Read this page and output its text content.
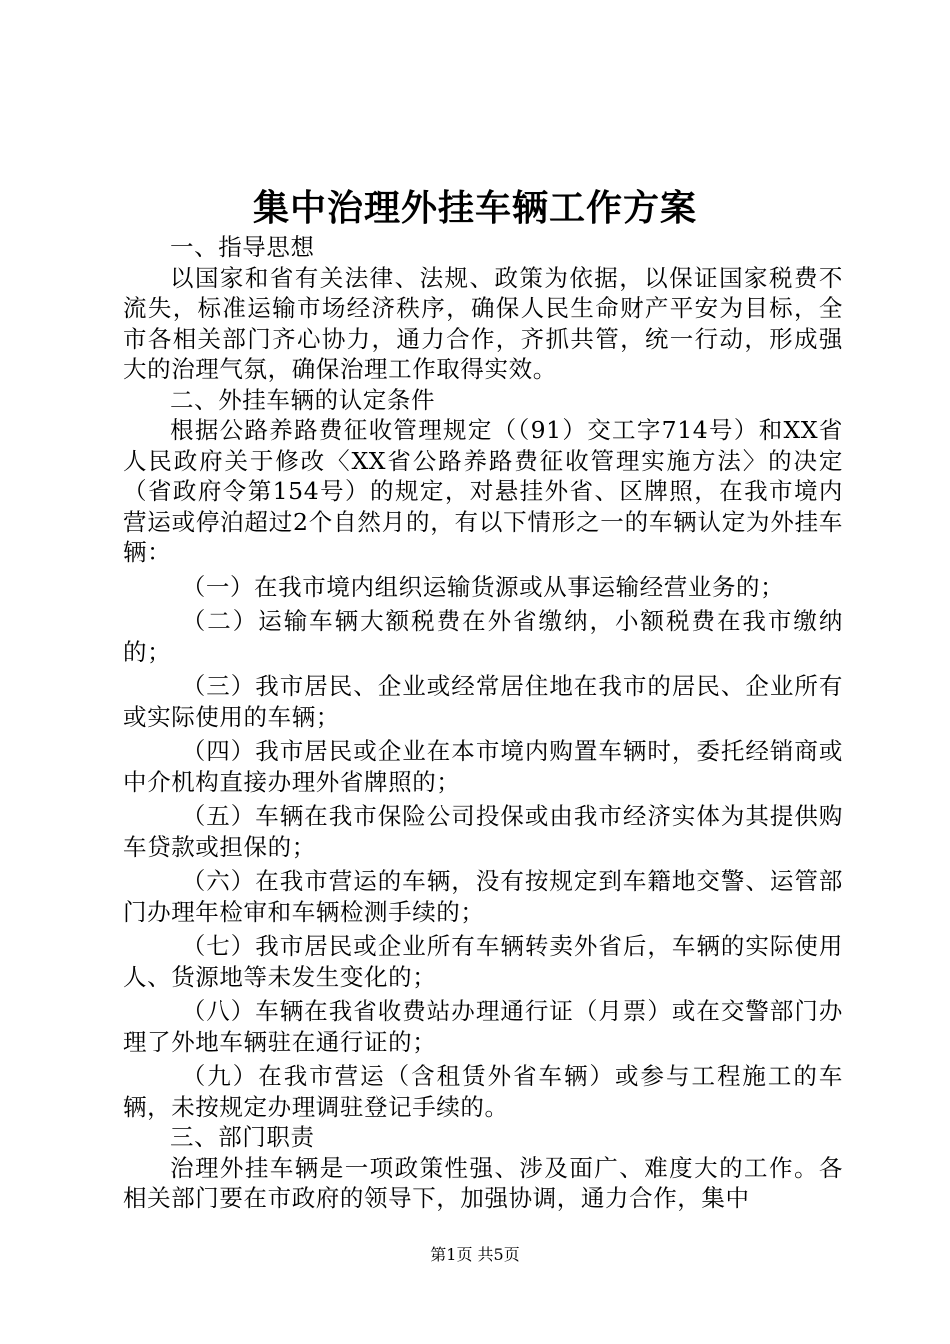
集中治理外挂车辆工作方案

一、指导思想

以国家和省有关法律、法规、政策为依据，以保证国家税费不流失，标准运输市场经济秩序，确保人民生命财产平安为目标，全市各相关部门齐心协力，通力合作，齐抓共管，统一行动，形成强大的治理气氛，确保治理工作取得实效。

二、外挂车辆的认定条件

根据公路养路费征收管理规定（（91）交工字714号）和XX省人民政府关于修改〈XX省公路养路费征收管理实施方法〉的决定（省政府令第154号）的规定，对悬挂外省、区牌照，在我市境内营运或停泊超过2个自然月的，有以下情形之一的车辆认定为外挂车辆：

（一）在我市境内组织运输货源或从事运输经营业务的；

（二）运输车辆大额税费在外省缴纳，小额税费在我市缴纳的；

（三）我市居民、企业或经常居住地在我市的居民、企业所有或实际使用的车辆；

（四）我市居民或企业在本市境内购置车辆时，委托经销商或中介机构直接办理外省牌照的；

（五）车辆在我市保险公司投保或由我市经济实体为其提供购车贷款或担保的；

（六）在我市营运的车辆，没有按规定到车籍地交警、运管部门办理年检审和车辆检测手续的；

（七）我市居民或企业所有车辆转卖外省后，车辆的实际使用人、货源地等未发生变化的；

（八）车辆在我省收费站办理通行证（月票）或在交警部门办理了外地车辆驻在通行证的；

（九）在我市营运（含租赁外省车辆）或参与工程施工的车辆，未按规定办理调驻登记手续的。

三、部门职责

治理外挂车辆是一项政策性强、涉及面广、难度大的工作。各相关部门要在市政府的领导下，加强协调，通力合作，集中

第1页 共5页
